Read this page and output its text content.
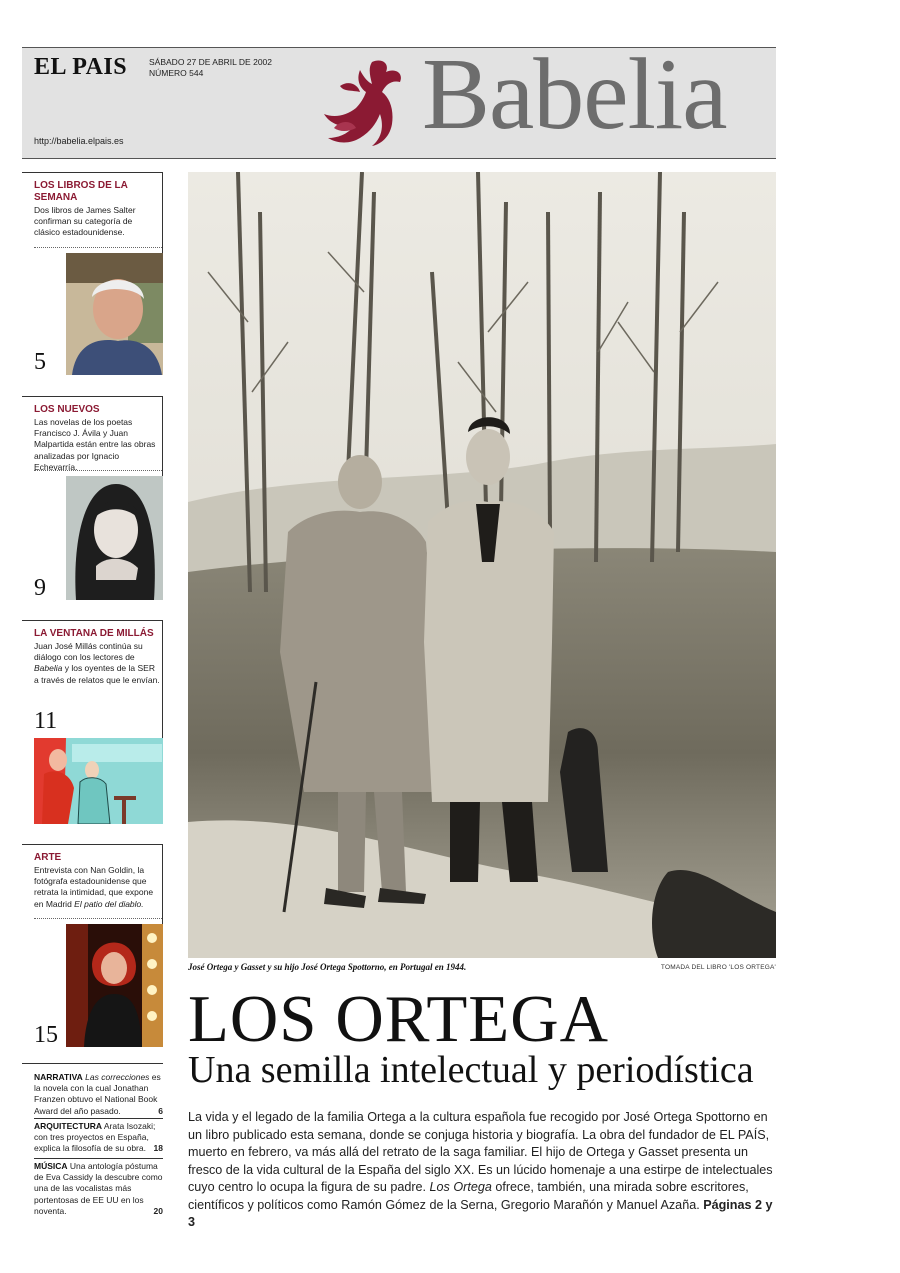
EL PAIS	SÁBADO 27 DE ABRIL DE 2002
NÚMERO 544
http://babelia.elpais.es	Babelia
LOS LIBROS DE LA SEMANA
Dos libros de James Salter confirman su categoría de clásico estadounidense.
5
LOS NUEVOS
Las novelas de los poetas Francisco J. Ávila y Juan Malpartida están entre las obras analizadas por Ignacio Echevarría.
9
LA VENTANA DE MILLÁS
Juan José Millás continúa su diálogo con los lectores de Babelia y los oyentes de la SER a través de relatos que le envían.
11
ARTE
Entrevista con Nan Goldin, la fotógrafa estadounidense que retrata la intimidad, que expone en Madrid El patio del diablo.
15
NARRATIVA Las correcciones es la novela con la cual Jonathan Franzen obtuvo el National Book Award del año pasado.	6
ARQUITECTURA Arata Isozaki; con tres proyectos en España, explica la filosofía de su obra. 18
MÚSICA Una antología póstuma de Eva Cassidy la descubre como una de las vocalistas más portentosas de EE UU en los noventa.	20
José Ortega y Gasset y su hijo José Ortega Spottorno, en Portugal en 1944.	TOMADA DEL LIBRO 'LOS ORTEGA'
LOS ORTEGA
Una semilla intelectual y periodística
La vida y el legado de la familia Ortega a la cultura española fue recogido por José Ortega Spottorno en un libro publicado esta semana, donde se conjuga historia y biografía. La obra del fundador de EL PAÍS, muerto en febrero, va más allá del retrato de la saga familiar. El hijo de Ortega y Gasset presenta un fresco de la vida cultural de la España del siglo XX. Es un lúcido homenaje a una estirpe de intelectuales cuyo centro lo ocupa la figura de su padre. Los Ortega ofrece, también, una mirada sobre escritores, científicos y políticos como Ramón Gómez de la Serna, Gregorio Marañón y Manuel Azaña. Páginas 2 y 3
